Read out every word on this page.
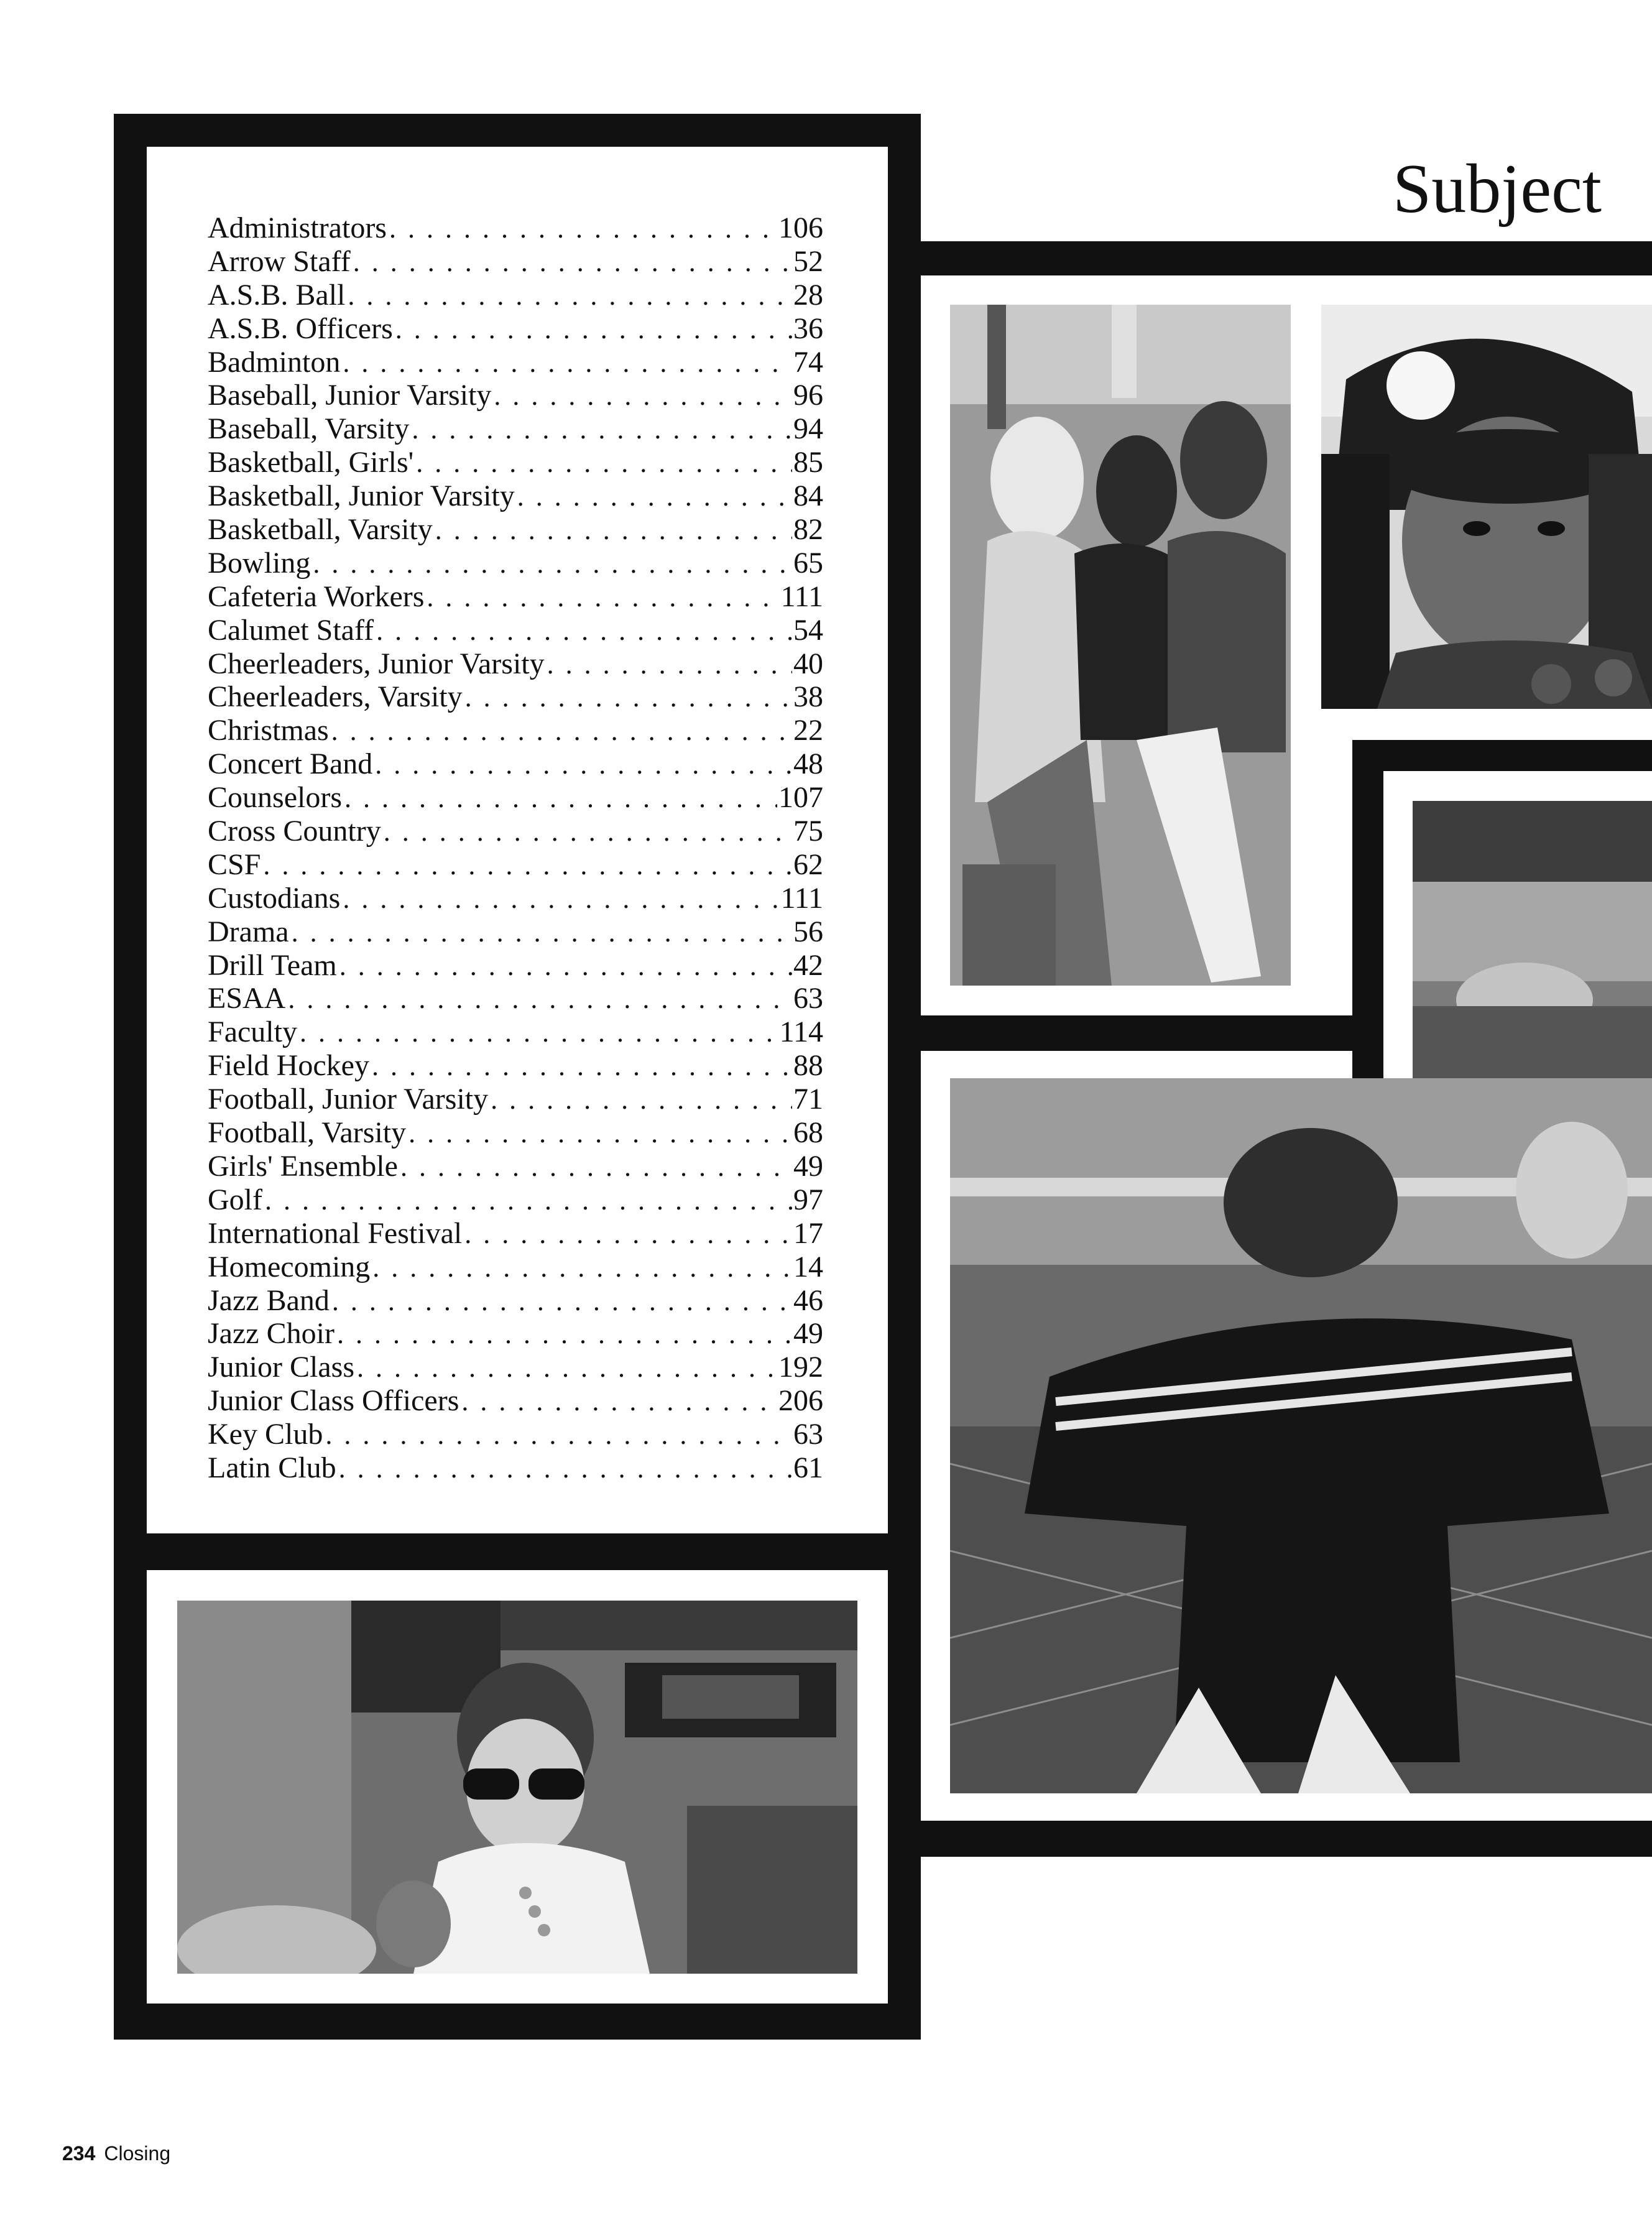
Subject
Administrators . . .	106
Arrow Staff . . .	52
A.S.B. Ball . . .	28
A.S.B. Officers . . .	36
Badminton . . .	74
Baseball, Junior Varsity . . .	96
Baseball, Varsity . . .	94
Basketball, Girls' . . .	85
Basketball, Junior Varsity . . .	84
Basketball, Varsity . . .	82
Bowling . . .	65
Cafeteria Workers . . .	111
Calumet Staff . . .	54
Cheerleaders, Junior Varsity . . .	40
Cheerleaders, Varsity . . .	38
Christmas . . .	22
Concert Band . . .	48
Counselors . . .	107
Cross Country . . .	75
CSF . . .	62
Custodians . . .	111
Drama . . .	56
Drill Team . . .	42
ESAA . . .	63
Faculty . . .	114
Field Hockey . . .	88
Football, Junior Varsity . . .	71
Football, Varsity . . .	68
Girls' Ensemble . . .	49
Golf . . .	97
International Festival . . .	17
Homecoming . . .	14
Jazz Band . . .	46
Jazz Choir . . .	49
Junior Class . . .	192
Junior Class Officers . . .	206
Key Club . . .	63
Latin Club . . .	61
234 Closing
